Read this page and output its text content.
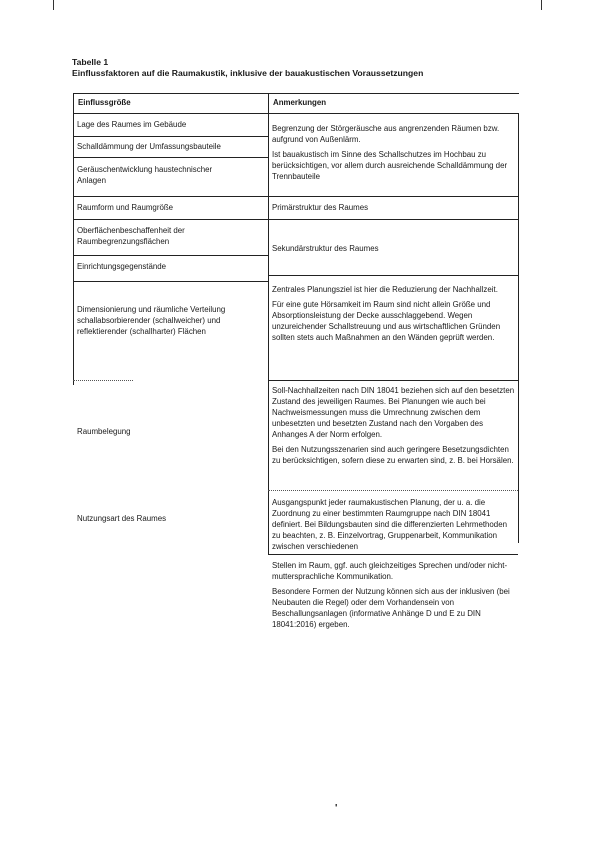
Tabelle 1
Einflussfaktoren auf die Raumakustik, inklusive der bauakustischen Voraussetzungen
Einflussgröße	Anmerkungen
Lage des Raumes im Gebäude
Schalldämmung der Umfassungsbauteile
Geräuschentwicklung haustechnischer Anlagen
Raumform und Raumgröße
Oberflächenbeschaffenheit der Raumbegrenzungsflächen
Einrichtungsgegenstände
Dimensionierung und räumliche Verteilung schallabsorbierender (schallweicher) und reflektierender (schallharter) Flächen
Raumbelegung
Nutzungsart des Raumes

Begrenzung der Störgeräusche aus angrenzenden Räumen bzw. aufgrund von Außenlärm.

Ist bauakustisch im Sinne des Schallschutzes im Hochbau zu berücksichtigen, vor allem durch ausreichende Schalldämmung der Trennbauteile

Primärstruktur des Raumes
Sekundärstruktur des Raumes

Zentrales Planungsziel ist hier die Reduzierung der Nachhallzeit.

Für eine gute Hörsamkeit im Raum sind nicht allein Größe und Absorptionsleistung der Decke ausschlaggebend. Wegen unzureichender Schallstreuung und aus wirtschaftlichen Gründen sollten stets auch Maßnahmen an den Wänden geprüft werden.

Soll-Nachhallzeiten nach DIN 18041 beziehen sich auf den besetzten Zustand des jeweiligen Raumes. Bei Planungen wie auch bei Nachweismessungen muss die Umrechnung zwischen dem unbesetzten und besetzten Zustand nach den Vorgaben des Anhanges A der Norm erfolgen.

Bei den Nutzungsszenarien sind auch geringere Besetzungsdichten zu berücksichtigen, sofern diese zu erwarten sind, z. B. bei Horsälen.

Ausgangspunkt jeder raumakustischen Planung, der u. a. die Zuordnung zu einer bestimmten Raumgruppe nach DIN 18041 definiert. Bei Bildungsbauten sind die differenzierten Lehrmethoden zu beachten, z. B. Einzelvortrag, Gruppenarbeit, Kommunikation zwischen verschiedenen

Stellen im Raum, ggf. auch gleichzeitiges Sprechen und/oder nicht-muttersprachliche Kommunikation.

Besondere Formen der Nutzung können sich aus der inklusiven (bei Neubauten die Regel) oder dem Vorhandensein von Beschallungsanlagen (informative Anhänge D und E zu DIN 18041:2016) ergeben.

'
